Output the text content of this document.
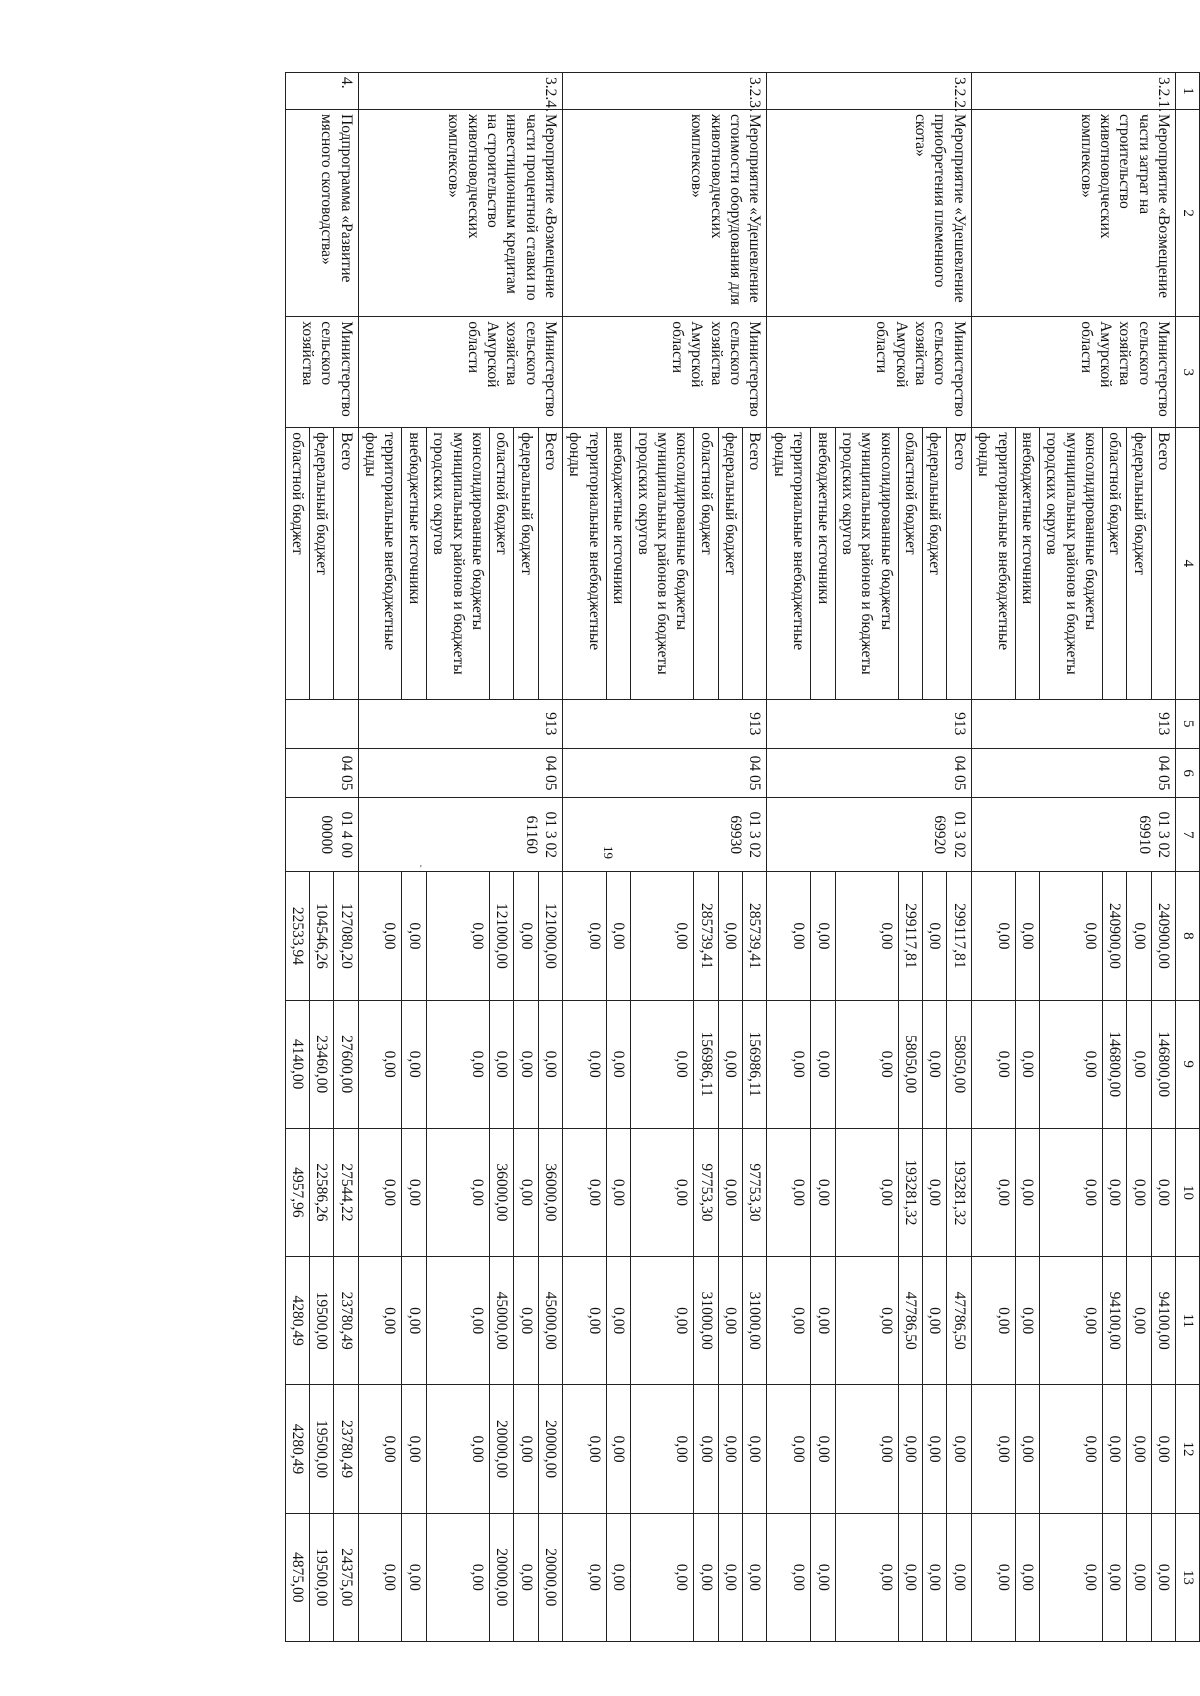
19
'
1	2	3	4	5	6	7	8	9	10	11	12	13
3.2.1.	Мероприятие «Возмещение части затрат на строительство животноводческих комплексов»	Министерство сельского хозяйства Амурской области	Всего	913	04 05	01 3 02 69910	240900,00	146800,00	0,00	94100,00	0,00	0,00
			федеральный бюджет				0,00	0,00	0,00	0,00	0,00	0,00
			областной бюджет				240900,00	146800,00	0,00	94100,00	0,00	0,00
			консолидированные бюджеты муниципальных районов и бюджеты городских округов				0,00	0,00	0,00	0,00	0,00	0,00
			внебюджетные источники				0,00	0,00	0,00	0,00	0,00	0,00
			территориальные внебюджетные фонды				0,00	0,00	0,00	0,00	0,00	0,00
3.2.2.	Мероприятие «Удешевление приобретения племенного скота»	Министерство сельского хозяйства Амурской области	Всего	913	04 05	01 3 02 69920	299117,81	58050,00	193281,32	47786,50	0,00	0,00
			федеральный бюджет				0,00	0,00	0,00	0,00	0,00	0,00
			областной бюджет				299117,81	58050,00	193281,32	47786,50	0,00	0,00
			консолидированные бюджеты муниципальных районов и бюджеты городских округов				0,00	0,00	0,00	0,00	0,00	0,00
			внебюджетные источники				0,00	0,00	0,00	0,00	0,00	0,00
			территориальные внебюджетные фонды				0,00	0,00	0,00	0,00	0,00	0,00
3.2.3.	Мероприятие «Удешевление стоимости оборудования для животноводческих комплексов»	Министерство сельского хозяйства Амурской области	Всего	913	04 05	01 3 02 69930	285739,41	156986,11	97753,30	31000,00	0,00	0,00
			федеральный бюджет				0,00	0,00	0,00	0,00	0,00	0,00
			областной бюджет				285739,41	156986,11	97753,30	31000,00	0,00	0,00
			консолидированные бюджеты муниципальных районов и бюджеты городских округов				0,00	0,00	0,00	0,00	0,00	0,00
			внебюджетные источники				0,00	0,00	0,00	0,00	0,00	0,00
			территориальные внебюджетные фонды				0,00	0,00	0,00	0,00	0,00	0,00
3.2.4.	Мероприятие «Возмещение части процентной ставки по инвестиционным кредитам на строительство животноводческих комплексов»	Министерство сельского хозяйства Амурской области	Всего	913	04 05	01 3 02 61160	121000,00	0,00	36000,00	45000,00	20000,00	20000,00
			федеральный бюджет				0,00	0,00	0,00	0,00	0,00	0,00
			областной бюджет				121000,00	0,00	36000,00	45000,00	20000,00	20000,00
			консолидированные бюджеты муниципальных районов и бюджеты городских округов				0,00	0,00	0,00	0,00	0,00	0,00
			внебюджетные источники				0,00	0,00	0,00	0,00	0,00	0,00
			территориальные внебюджетные фонды				0,00	0,00	0,00	0,00	0,00	0,00
4.	Подпрограмма «Развитие мясного скотоводства»	Министерство сельского хозяйства	Всего		04 05	01 4 00 00000	127080,20	27600,00	27544,22	23780,49	23780,49	24375,00
			федеральный бюджет				104546,26	23460,00	22586,26	19500,00	19500,00	19500,00
			областной бюджет				22533,94	4140,00	4957,96	4280,49	4280,49	4875,00
